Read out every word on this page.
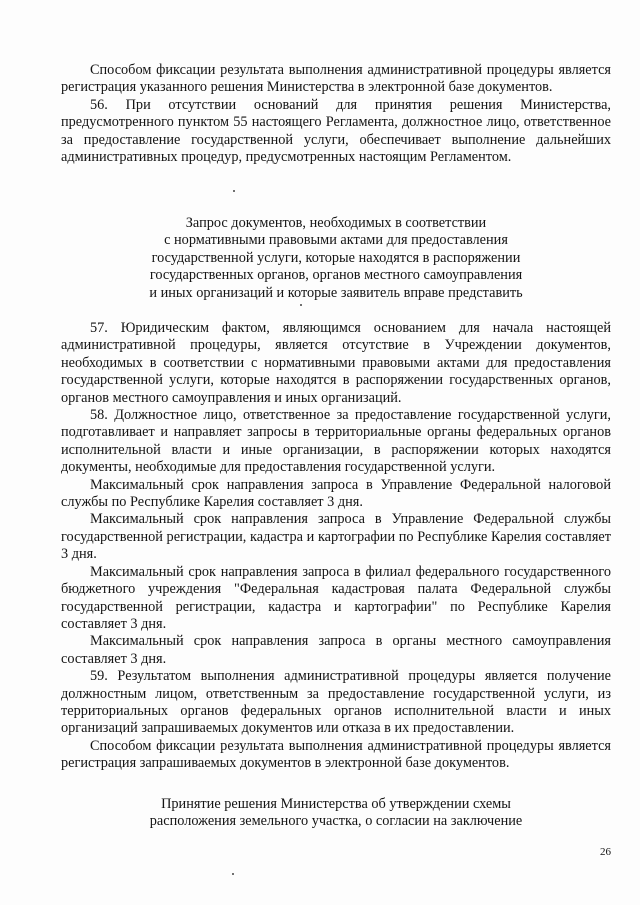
Способом фиксации результата выполнения административной процедуры является регистрация указанного решения Министерства в электронной базе документов.

56. При отсутствии оснований для принятия решения Министерства, предусмотренного пунктом 55 настоящего Регламента, должностное лицо, ответственное за предоставление государственной услуги, обеспечивает выполнение дальнейших административных процедур, предусмотренных настоящим Регламентом.

Запрос документов, необходимых в соответствии
с нормативными правовыми актами для предоставления
государственной услуги, которые находятся в распоряжении
государственных органов, органов местного самоуправления
и иных организаций и которые заявитель вправе представить

57. Юридическим фактом, являющимся основанием для начала настоящей административной процедуры, является отсутствие в Учреждении документов, необходимых в соответствии с нормативными правовыми актами для предоставления государственной услуги, которые находятся в распоряжении государственных органов, органов местного самоуправления и иных организаций.

58. Должностное лицо, ответственное за предоставление государственной услуги, подготавливает и направляет запросы в территориальные органы федеральных органов исполнительной власти и иные организации, в распоряжении которых находятся документы, необходимые для предоставления государственной услуги.

Максимальный срок направления запроса в Управление Федеральной налоговой службы по Республике Карелия составляет 3 дня.

Максимальный срок направления запроса в Управление Федеральной службы государственной регистрации, кадастра и картографии по Республике Карелия составляет 3 дня.

Максимальный срок направления запроса в филиал федерального государственного бюджетного учреждения "Федеральная кадастровая палата Федеральной службы государственной регистрации, кадастра и картографии" по Республике Карелия составляет 3 дня.

Максимальный срок направления запроса в органы местного самоуправления составляет 3 дня.

59. Результатом выполнения административной процедуры является получение должностным лицом, ответственным за предоставление государственной услуги, из территориальных органов федеральных органов исполнительной власти и иных организаций запрашиваемых документов или отказа в их предоставлении.

Способом фиксации результата выполнения административной процедуры является регистрация запрашиваемых документов в электронной базе документов.

Принятие решения Министерства об утверждении схемы
расположения земельного участка, о согласии на заключение
26
